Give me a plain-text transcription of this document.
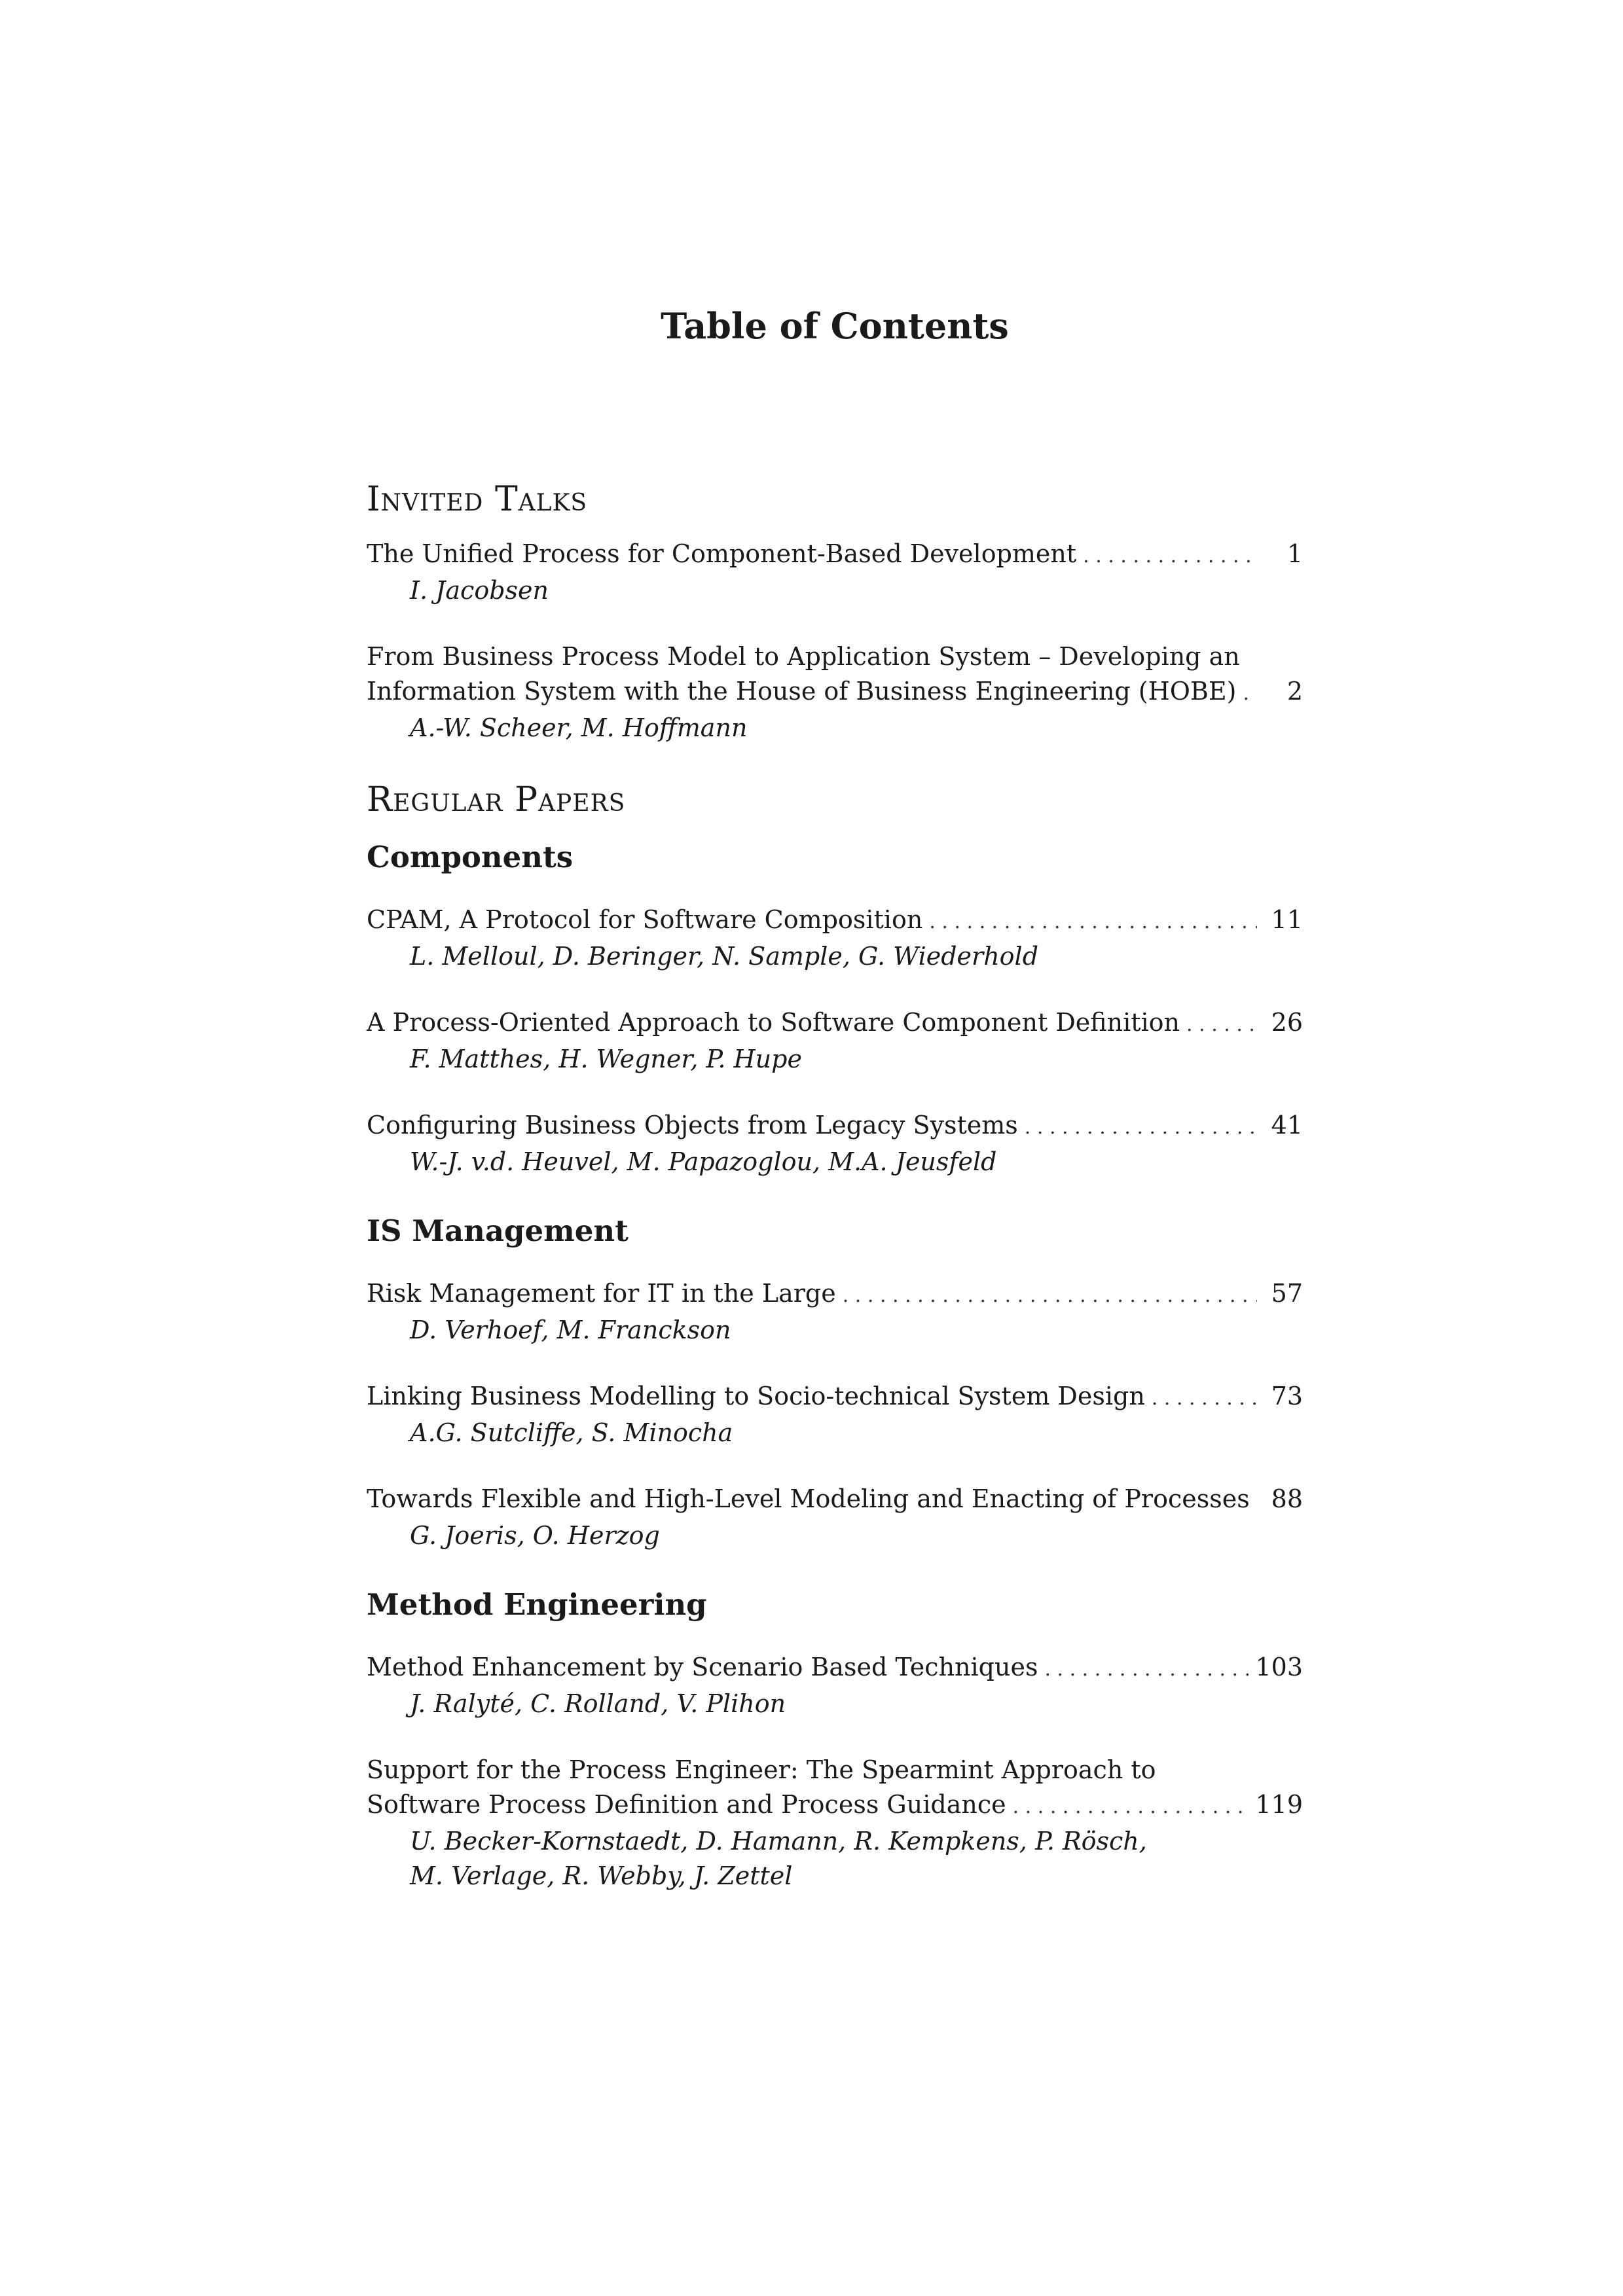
Table of Contents
Invited Talks
The Unified Process for Component-Based Development . . .	1
I. Jacobsen
From Business Process Model to Application System – Developing an
Information System with the House of Business Engineering (HOBE) . . .	2
A.-W. Scheer, M. Hoffmann
Regular Papers
Components
CPAM, A Protocol for Software Composition . . .	11
L. Melloul, D. Beringer, N. Sample, G. Wiederhold
A Process-Oriented Approach to Software Component Definition . . .	26
F. Matthes, H. Wegner, P. Hupe
Configuring Business Objects from Legacy Systems . . .	41
W.-J. v.d. Heuvel, M. Papazoglou, M.A. Jeusfeld
IS Management
Risk Management for IT in the Large . . .	57
D. Verhoef, M. Franckson
Linking Business Modelling to Socio-technical System Design . . .	73
A.G. Sutcliffe, S. Minocha
Towards Flexible and High-Level Modeling and Enacting of Processes . . . 88
G. Joeris, O. Herzog
Method Engineering
Method Enhancement by Scenario Based Techniques . . .	103
J. Ralyté, C. Rolland, V. Plihon
Support for the Process Engineer: The Spearmint Approach to
Software Process Definition and Process Guidance . . .	119
U. Becker-Kornstaedt, D. Hamann, R. Kempkens, P. Rösch,
M. Verlage, R. Webby, J. Zettel
